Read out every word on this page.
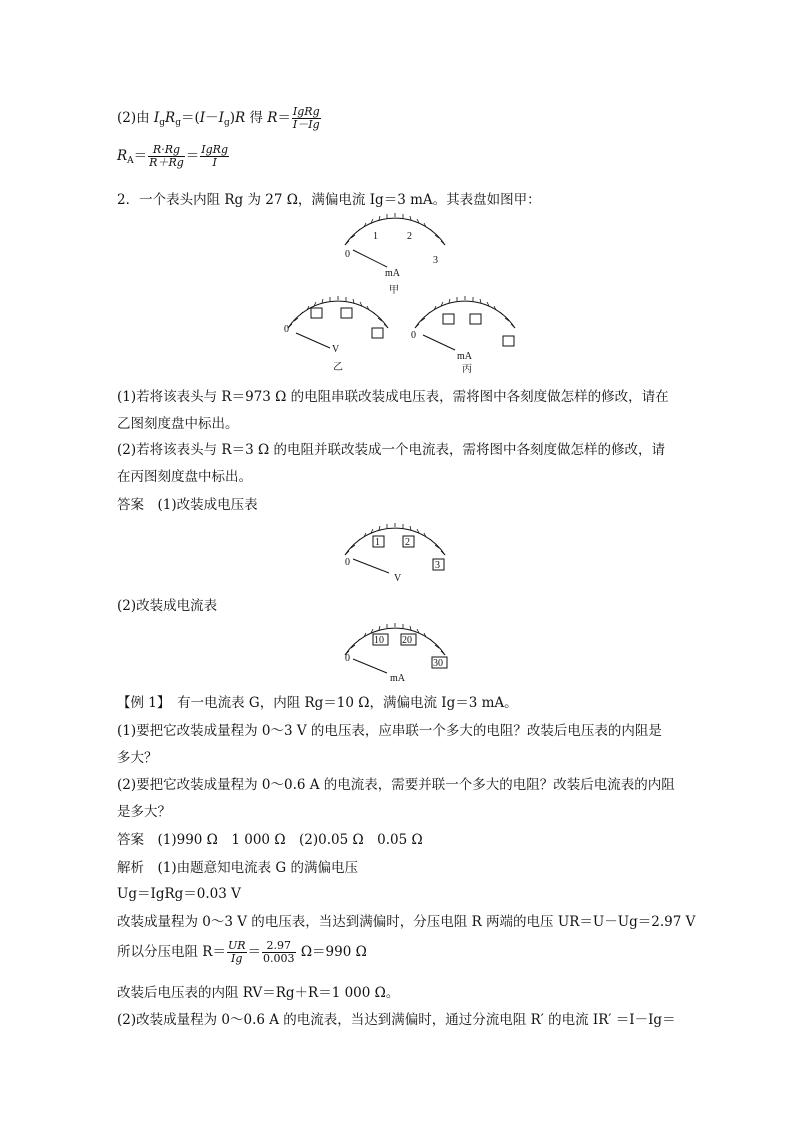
(2)由 $I_gR_g=(I-I_g)R$ 得 $R= \frac{\text{IgRg}}{I-Ig}$
$R_A= \frac{R\cdot Rg}{R+Rg} = \frac{\text{IgRg}}{I}$
2．一个表头内阻 Rg 为 27 Ω，满偏电流 Ig＝3 mA。其表盘如图甲：
0
1	2
3
mA
甲
0
V
乙
0
mA
丙
(1)若将该表头与 R＝973 Ω 的电阻串联改装成电压表，需将图中各刻度做怎样的修改，请在
乙图刻度盘中标出。
(2)若将该表头与 R＝3 Ω 的电阻并联改装成一个电流表，需将图中各刻度做怎样的修改，请
在丙图刻度盘中标出。
答案　(1)改装成电压表
0
1	2
3
V
(2)改装成电流表
0
10 20
30
mA
【例 1】　有一电流表 G，内阻 Rg＝10 Ω，满偏电流 Ig＝3 mA。
(1)要把它改装成量程为 0～3 V 的电压表，应串联一个多大的电阻？改装后电压表的内阻是
多大？
(2)要把它改装成量程为 0～0.6 A 的电流表，需要并联一个多大的电阻？改装后电流表的内阻
是多大？
答案　(1)990 Ω　1 000 Ω　(2)0.05 Ω　0.05 Ω
解析　(1)由题意知电流表 G 的满偏电压
Ug＝IgRg＝0.03 V
改装成量程为 0～3 V 的电压表，当达到满偏时，分压电阻 R 两端的电压 UR＝U－Ug＝2.97 V
所以分压电阻 $R= \frac{UR}{Ig} = \frac{2.97}{0.003} \Omega=990$ Ω
改装后电压表的内阻 RV＝Rg＋R＝1 000 Ω。
(2)改装成量程为 0～0.6 A 的电流表，当达到满偏时，通过分流电阻 R′ 的电流 IR′ ＝I－Ig＝
